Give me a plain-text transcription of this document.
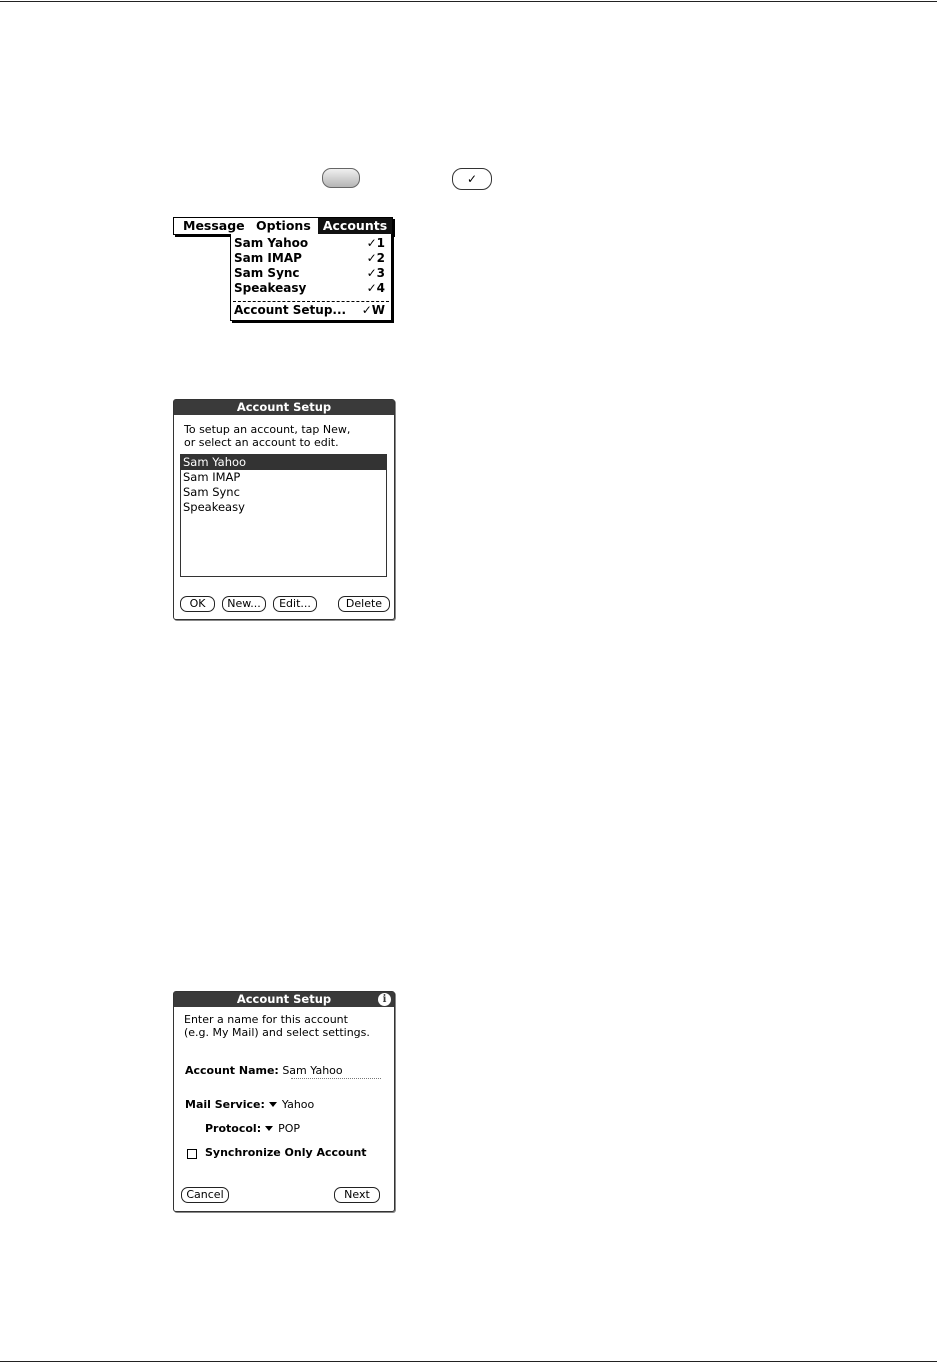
✓
Message Options Accounts
Sam Yahoo	✓1
Sam IMAP	✓2
Sam Sync	✓3
Speakeasy	✓4
Account Setup... ✓W
Account Setup
To setup an account, tap New,
or select an account to edit.
Sam Yahoo
Sam IMAP
Sam Sync
Speakeasy
OK	New...	Edit...	Delete
Account Setup	i
Enter a name for this account
(e.g. My Mail) and select settings.
Account Name: Sam Yahoo
Mail Service: Yahoo
Protocol: POP
Synchronize Only Account
Cancel	Next
